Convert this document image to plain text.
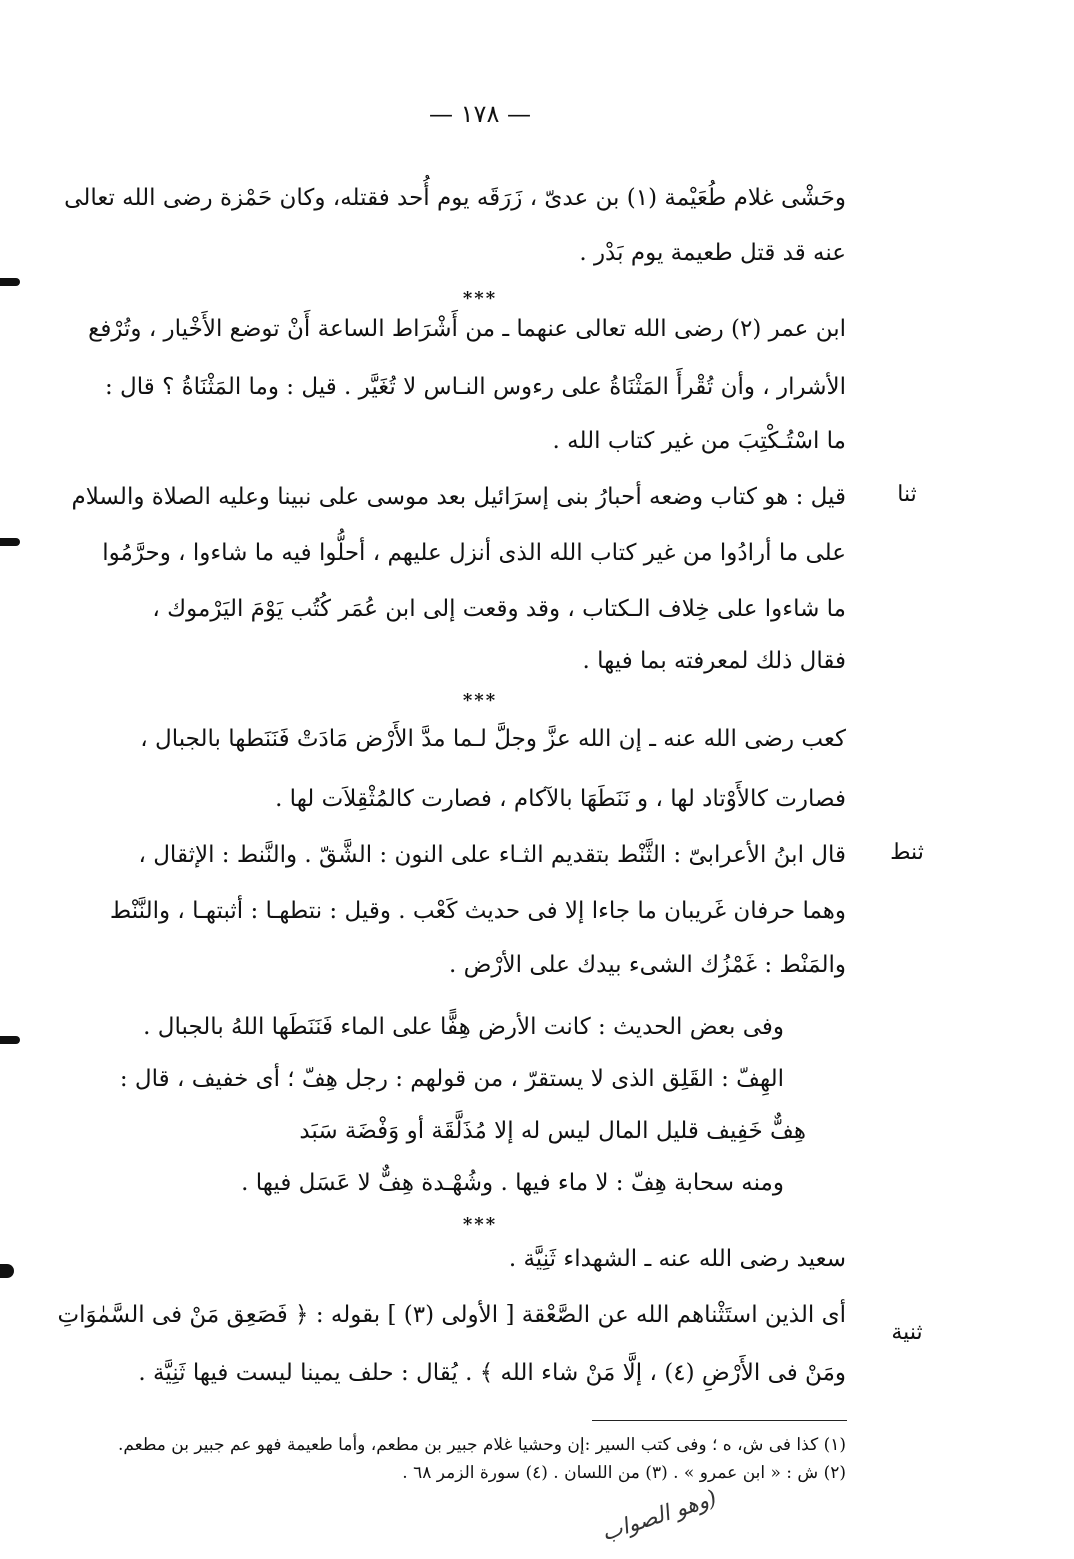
— ١٧٨ —
وحَشْى غلام طُعَيْمة (١) بن عدىّ ، زَرَقَه يوم أُحد فقتله، وكان حَمْزة رضى الله تعالى
عنه قد قتل طعيمة يوم بَدْر .
***
ابن عمر (٢) رضى الله تعالى عنهما ـ من أَشْرَاط الساعة أَنْ توضع الأَخْيار ، وتُرْفع
الأشرار ، وأن تُقْرأَ المَثْنَاةُ على رءوس النـاس لا تُغَيَّر . قيل : وما المَثْنَاةُ ؟ قال :
ما اسْتُـكْتِبَ من غير كتاب الله .
ثنا
قيل : هو كتاب وضعه أحبارُ بنى إسرَائيل بعد موسى على نبينا وعليه الصلاة والسلام
على ما أرادُوا من غير كتاب الله الذى أنزل عليهم ، أحلُّوا فيه ما شاءوا ، وحرَّمُوا
ما شاءوا على خِلاف الـكتاب ، وقد وقعت إلى ابن عُمَر كُتُب يَوْمَ اليَرْموك ،
فقال ذلك لمعرفته بما فيها .
***
كعب رضى الله عنه ـ إن الله عزَّ وجلَّ لـما مدَّ الأَرْض مَادَتْ فَنَنَطها بالجبال ،
فصارت كالأَوْتاد لها ، و نَنَطَهَا بالآكام ، فصارت كالمُثْقِلاَت لها .
ثنط
قال ابنُ الأعرابىّ : الثَّنْط بتقديم الثـاء على النون : الشَّقّ . والنَّنط : الإثقال ،
وهما حرفان غَريبان ما جاءا إلا فى حديث كَعْب . وقيل : نتطهـا : أثبتهـا ، والنَّنْط
والمَنْط : غَمْزُك الشىء بيدك على الأرْض .
وفى بعض الحديث : كانت الأرض هِفًّا على الماء فَنَنَطَها اللهُ بالجبال .
الهِفّ : القَلِق الذى لا يستقرّ ، من قولهم : رجل هِفّ ؛ أى خفيف ، قال :
هِفٌّ خَفِيف قليل المال ليس له إلا مُذَلَّقَة أو وَفْضَة سَبَد
ومنه سحابة هِفّ : لا ماء فيها . وشُهْـدة هِفٌّ لا عَسَل فيها .
***
سعيد رضى الله عنه ـ الشهداء ثَنِيَّة .
ثنية
أى الذين استَثْناهم الله عن الصَّعْقة [ الأولى (٣) ] بقوله : ﴿ فَصَعِق مَنْ فى السَّمٰوَاتِ
ومَنْ فى الأَرْضِ (٤) ، إلَّا مَنْ شاء الله ﴾ . يُقال : حلف يمينا ليست فيها ثَنِيَّة .
(١) كذا فى ش، ه ؛ وفى كتب السير :إن وحشيا غلام جبير بن مطعم، وأما طعيمة فهو عم جبير بن مطعم.
(٢) ش : « ابن عمرو » . (٣) من اللسان . (٤) سورة الزمر ٦٨ .
(وهو الصواب
